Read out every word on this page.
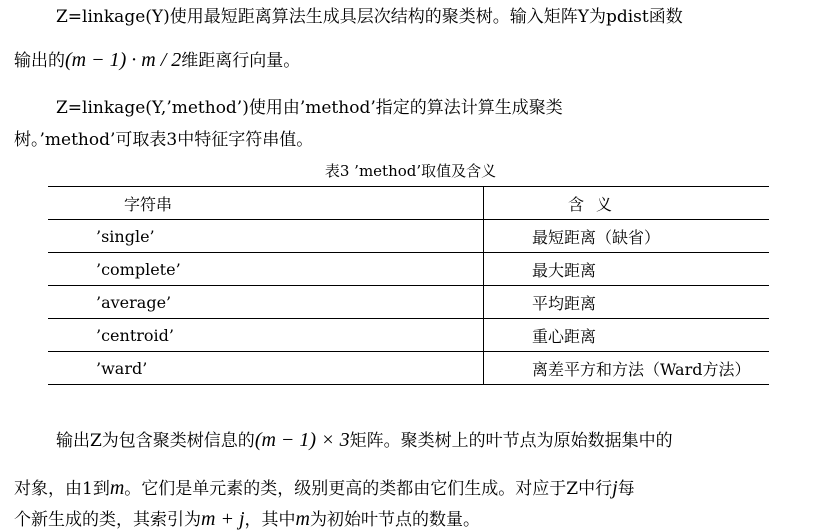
Z=linkage(Y)使用最短距离算法生成具层次结构的聚类树。输入矩阵Y为pdist函数
输出的(m − 1) · m / 2维距离行向量。
Z=linkage(Y,’method’)使用由’method’指定的算法计算生成聚类
树。’method’可取表3中特征字符串值。
表3 ’method’取值及含义
字符串	含义
’single’	最短距离（缺省）
’complete’	最大距离
’average’	平均距离
’centroid’	重心距离
’ward’	离差平方和方法（Ward方法）
输出Z为包含聚类树信息的(m − 1) × 3矩阵。聚类树上的叶节点为原始数据集中的
对象，由1到m。它们是单元素的类，级别更高的类都由它们生成。对应于Z中行j每
个新生成的类，其索引为m + j，其中m为初始叶节点的数量。
